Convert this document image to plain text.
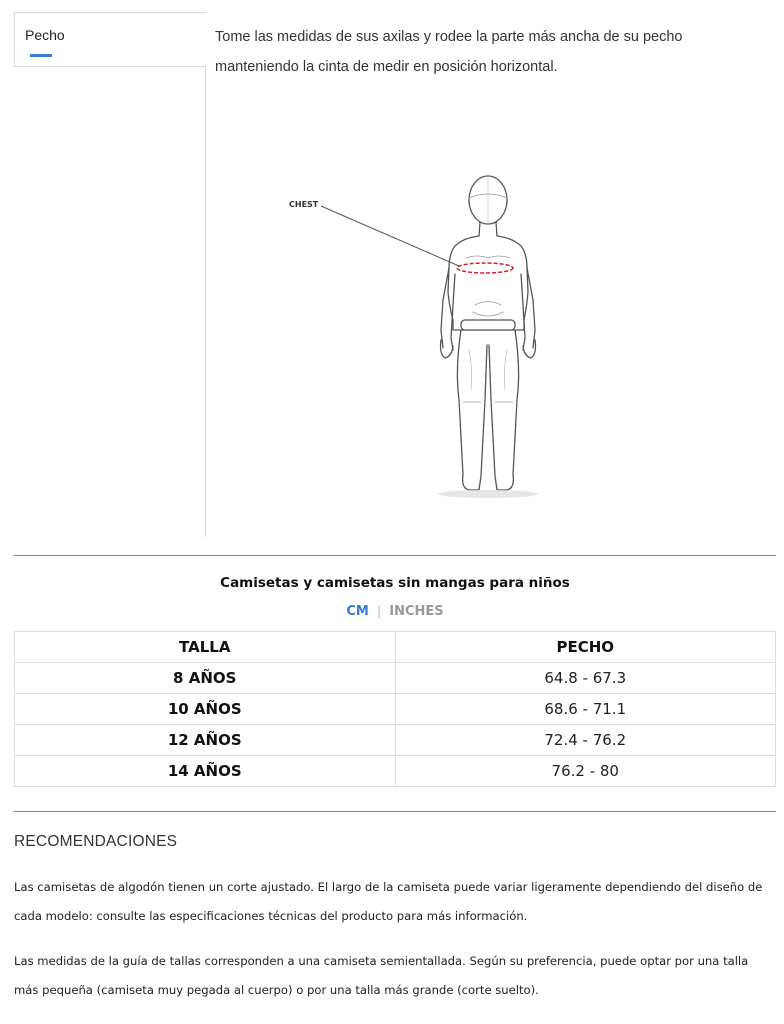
Pecho	Tome las medidas de sus axilas y rodee la parte más ancha de su pecho manteniendo la cinta de medir en posición horizontal.
CHEST
Camisetas y camisetas sin mangas para niños
CM | INCHES
TALLA	PECHO
8 AÑOS	64.8 - 67.3
10 AÑOS	68.6 - 71.1
12 AÑOS	72.4 - 76.2
14 AÑOS	76.2 - 80
RECOMENDACIONES

Las camisetas de algodón tienen un corte ajustado. El largo de la camiseta puede variar ligeramente dependiendo del diseño de cada modelo: consulte las especificaciones técnicas del producto para más información.

Las medidas de la guía de tallas corresponden a una camiseta semientallada. Según su preferencia, puede optar por una talla más pequeña (camiseta muy pegada al cuerpo) o por una talla más grande (corte suelto).
